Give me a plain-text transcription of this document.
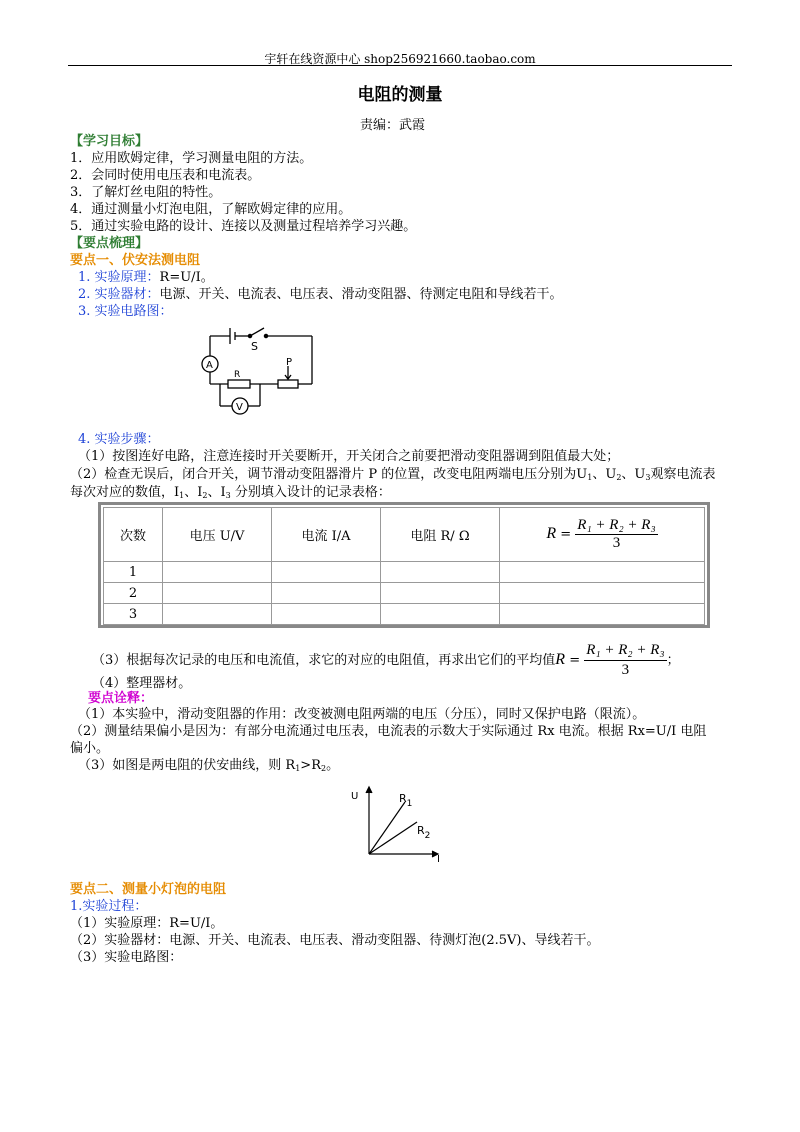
宇轩在线资源中心 shop256921660.taobao.com
电阻的测量
责编：武霞
【学习目标】
1．应用欧姆定律，学习测量电阻的方法。
2．会同时使用电压表和电流表。
3．了解灯丝电阻的特性。
4．通过测量小灯泡电阻，了解欧姆定律的应用。
5．通过实验电路的设计、连接以及测量过程培养学习兴趣。
【要点梳理】
要点一、伏安法测电阻
1. 实验原理：R=U/I。
2. 实验器材：电源、开关、电流表、电压表、滑动变阻器、待测定电阻和导线若干。
3. 实验电路图：
S
A
R
P
V
4. 实验步骤：
（1）按图连好电路，注意连接时开关要断开，开关闭合之前要把滑动变阻器调到阻值最大处；
（2）检查无误后，闭合开关，调节滑动变阻器滑片 P 的位置，改变电阻两端电压分别为$U_1$、$U_2$、$U_3$观察电流表
每次对应的数值，$I_1$、$I_2$、$I_3$ 分别填入设计的记录表格：
次数	电压 U/V	电流 I/A	电阻 R/ Ω	$R = \frac{\text{R₁ + R₂ + R₃}}{3}$

1				
2				
3				
（3）根据每次记录的电压和电流值，求它的对应的电阻值，再求出它们的平均值$R = \frac{\text{R₁ + R₂ + R₃}}{3}$ ；
（4）整理器材。
要点诠释：
（1）本实验中，滑动变阻器的作用：改变被测电阻两端的电压（分压），同时又保护电路（限流）。
（2）测量结果偏小是因为：有部分电流通过电压表，电流表的示数大于实际通过 Rx 电流。根据 Rx=U/I 电阻
偏小。
（3）如图是两电阻的伏安曲线，则 $R_1>R_2$。
U
I
$R_1$
$R_2$
要点二、测量小灯泡的电阻
1.实验过程：
（1）实验原理：R=U/I。
（2）实验器材：电源、开关、电流表、电压表、滑动变阻器、待测灯泡(2.5V)、导线若干。
（3）实验电路图：
